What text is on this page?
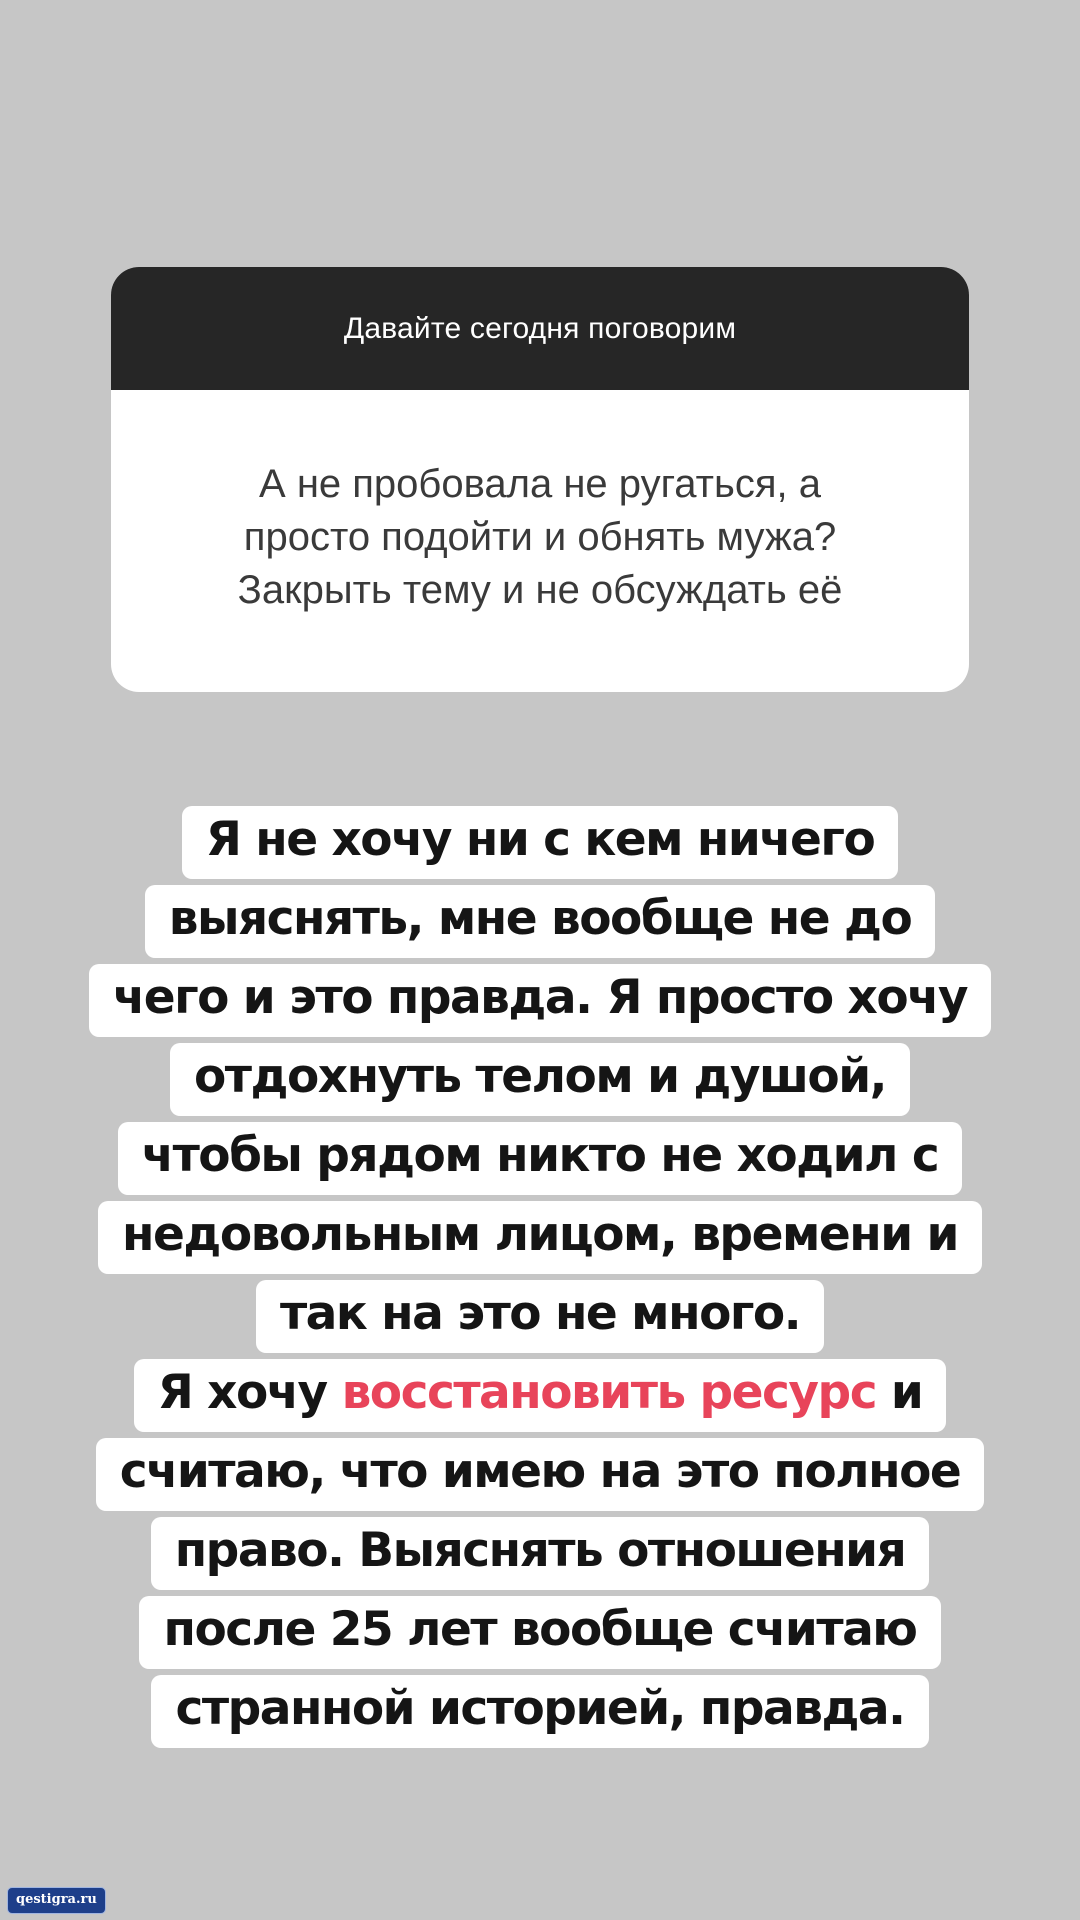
Давайте сегодня поговорим
А не пробовала не ругаться, а
просто подойти и обнять мужа?
Закрыть тему и не обсуждать её
Я не хочу ни с кем ничего
выяснять, мне вообще не до
чего и это правда. Я просто хочу
отдохнуть телом и душой,
чтобы рядом никто не ходил с
недовольным лицом, времени и
так на это не много.
Я хочу восстановить ресурс и
считаю, что имею на это полное
право. Выяснять отношения
после 25 лет вообще считаю
странной историей, правда.
qestigra.ru
